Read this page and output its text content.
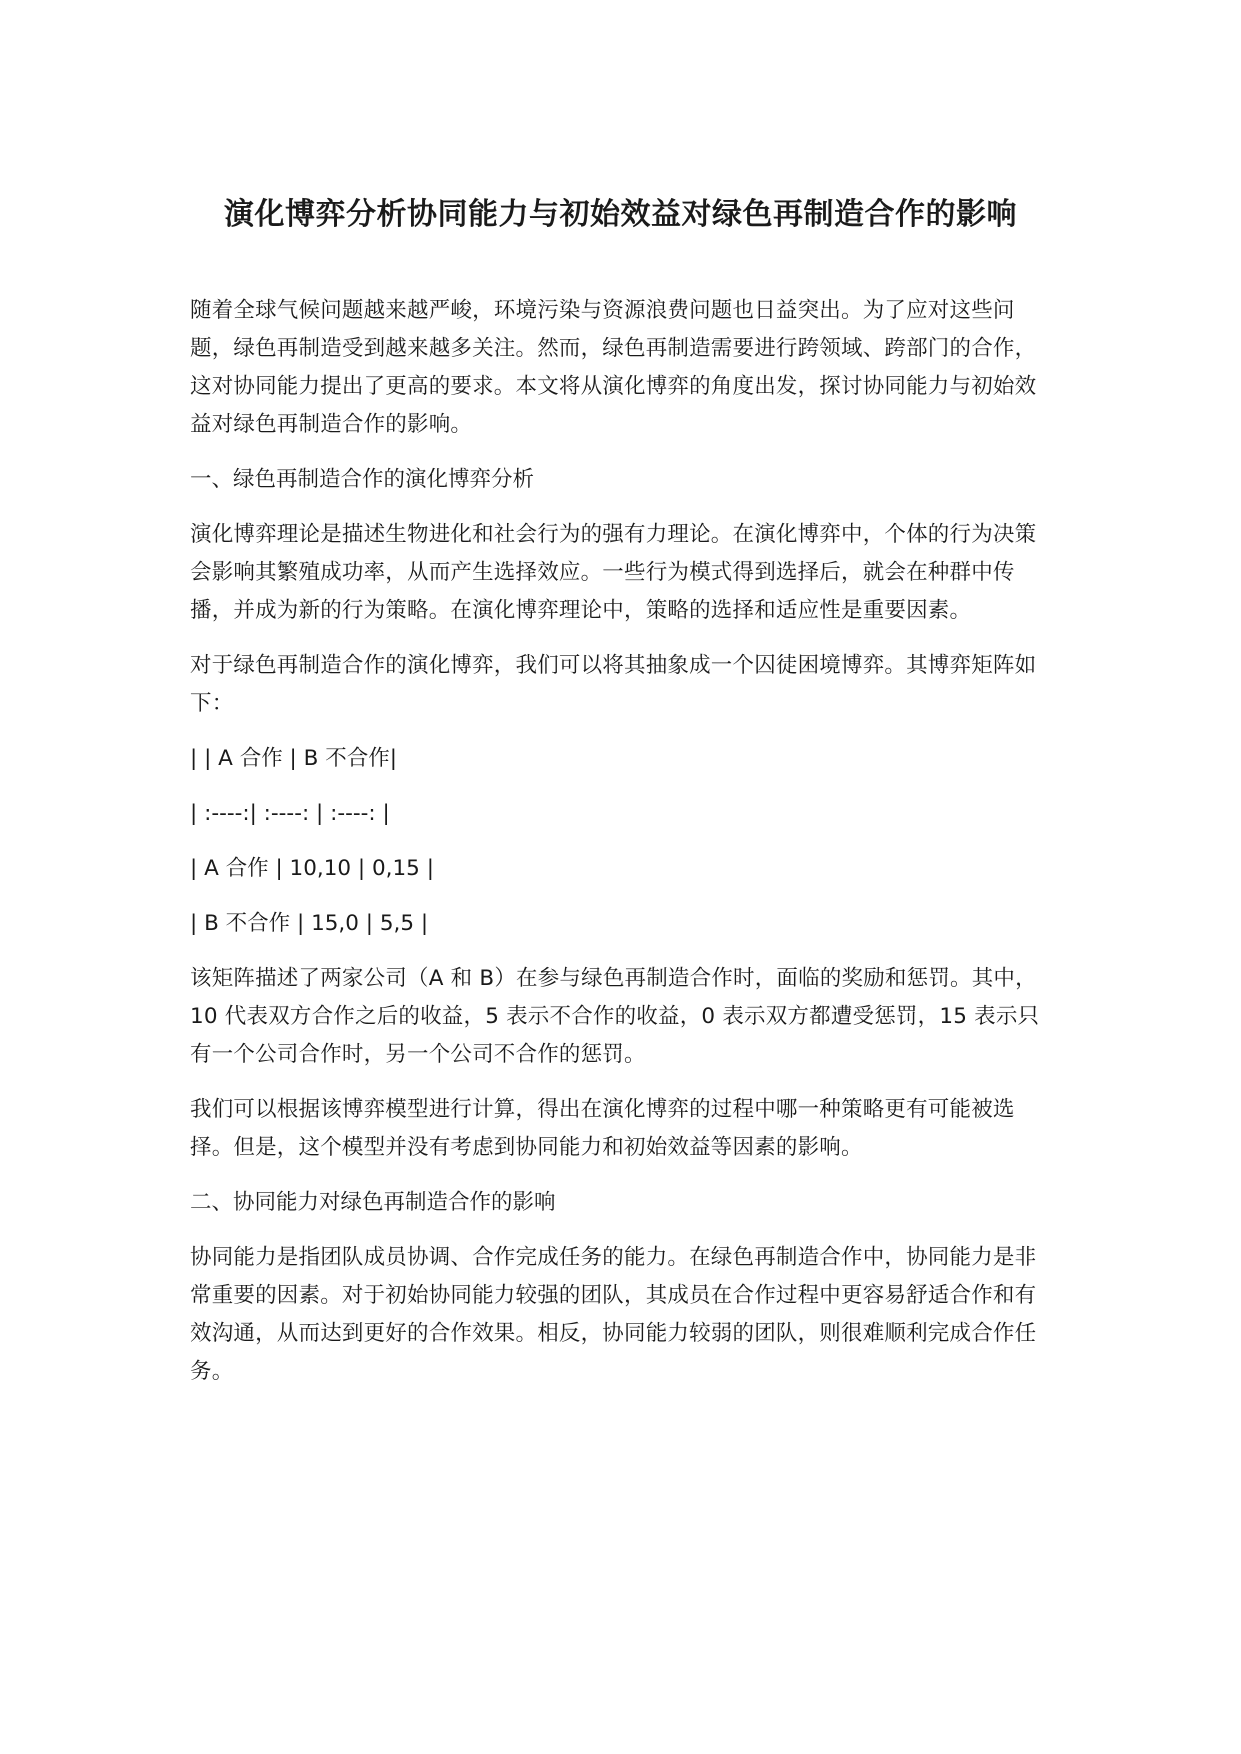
演化博弈分析协同能力与初始效益对绿色再制造合作的影响

随着全球气候问题越来越严峻，环境污染与资源浪费问题也日益突出。为了应对这些问题，绿色再制造受到越来越多关注。然而，绿色再制造需要进行跨领域、跨部门的合作，这对协同能力提出了更高的要求。本文将从演化博弈的角度出发，探讨协同能力与初始效益对绿色再制造合作的影响。

一、绿色再制造合作的演化博弈分析

演化博弈理论是描述生物进化和社会行为的强有力理论。在演化博弈中，个体的行为决策会影响其繁殖成功率，从而产生选择效应。一些行为模式得到选择后，就会在种群中传播，并成为新的行为策略。在演化博弈理论中，策略的选择和适应性是重要因素。

对于绿色再制造合作的演化博弈，我们可以将其抽象成一个囚徒困境博弈。其博弈矩阵如下：

| | A 合作 | B 不合作|
| :----:| :----: | :----: |
| A 合作 | 10,10 | 0,15 |
| B 不合作 | 15,0 | 5,5 |

该矩阵描述了两家公司（A 和 B）在参与绿色再制造合作时，面临的奖励和惩罚。其中，10 代表双方合作之后的收益，5 表示不合作的收益，0 表示双方都遭受惩罚，15 表示只有一个公司合作时，另一个公司不合作的惩罚。

我们可以根据该博弈模型进行计算，得出在演化博弈的过程中哪一种策略更有可能被选择。但是，这个模型并没有考虑到协同能力和初始效益等因素的影响。

二、协同能力对绿色再制造合作的影响

协同能力是指团队成员协调、合作完成任务的能力。在绿色再制造合作中，协同能力是非常重要的因素。对于初始协同能力较强的团队，其成员在合作过程中更容易舒适合作和有效沟通，从而达到更好的合作效果。相反，协同能力较弱的团队，则很难顺利完成合作任务。
